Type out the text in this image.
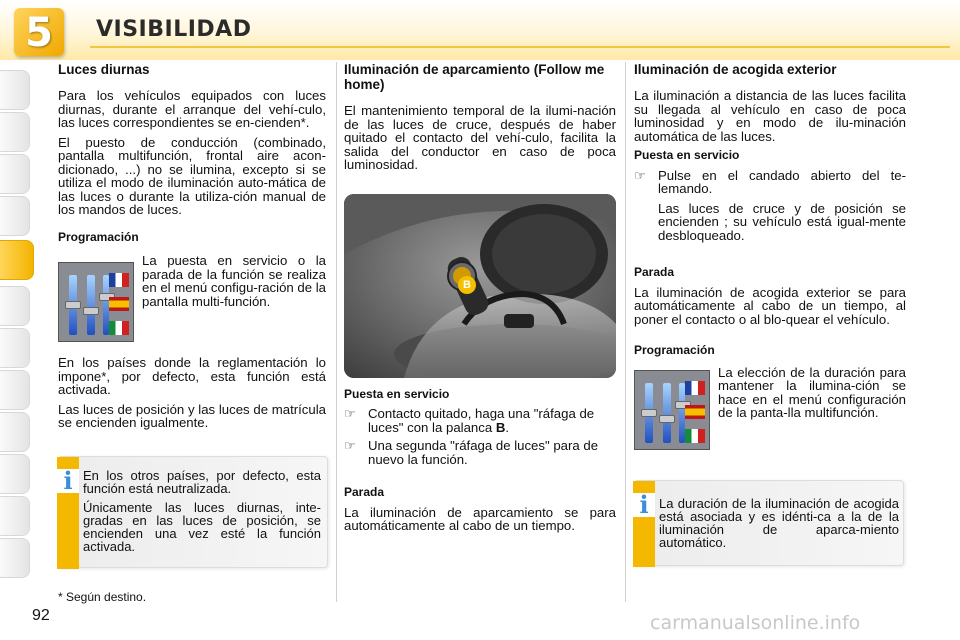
5	VISIBILIDAD
Luces diurnas

Para los vehículos equipados con luces diurnas, durante el arranque del vehí-culo, las luces correspondientes se en-cienden*.

El puesto de conducción (combinado, pantalla multifunción, frontal aire acon-dicionado, ...) no se ilumina, excepto si se utiliza el modo de iluminación auto-mática de las luces o durante la utiliza-ción manual de los mandos de luces.

Programación

La puesta en servicio o la parada de la función se realiza en el menú configu-ración de la pantalla multi-función.

En los países donde la reglamentación lo impone*, por defecto, esta función está activada.

Las luces de posición y las luces de matrícula se encienden igualmente.

i En los otros países, por defecto, esta función está neutralizada.

Únicamente las luces diurnas, inte-gradas en las luces de posición, se encienden una vez esté la función activada.

* Según destino.
92
Iluminación de aparcamiento (Follow me home)

El mantenimiento temporal de la ilumi-nación de las luces de cruce, después de haber quitado el contacto del vehí-culo, facilita la salida del conductor en caso de poca luminosidad.

B
Puesta en servicio
☞ Contacto quitado, haga una "ráfaga de luces" con la palanca B.
☞ Una segunda "ráfaga de luces" para de nuevo la función.
Parada

La iluminación de aparcamiento se para automáticamente al cabo de un tiempo.

Iluminación de acogida exterior

La iluminación a distancia de las luces facilita su llegada al vehículo en caso de poca luminosidad y en modo de ilu-minación automática de las luces.

Puesta en servicio
☞ Pulse en el candado abierto del te-lemando.

Las luces de cruce y de posición se encienden ; su vehículo está igual-mente desbloqueado.

Parada

La iluminación de acogida exterior se para automáticamente al cabo de un tiempo, al poner el contacto o al blo-quear el vehículo.

Programación

La elección de la duración para mantener la ilumina-ción se hace en el menú configuración de la panta-lla multifunción.

i La duración de la iluminación de acogida está asociada y es idénti-ca a la de la iluminación de aparca-miento automático.

carmanualsonline.info
